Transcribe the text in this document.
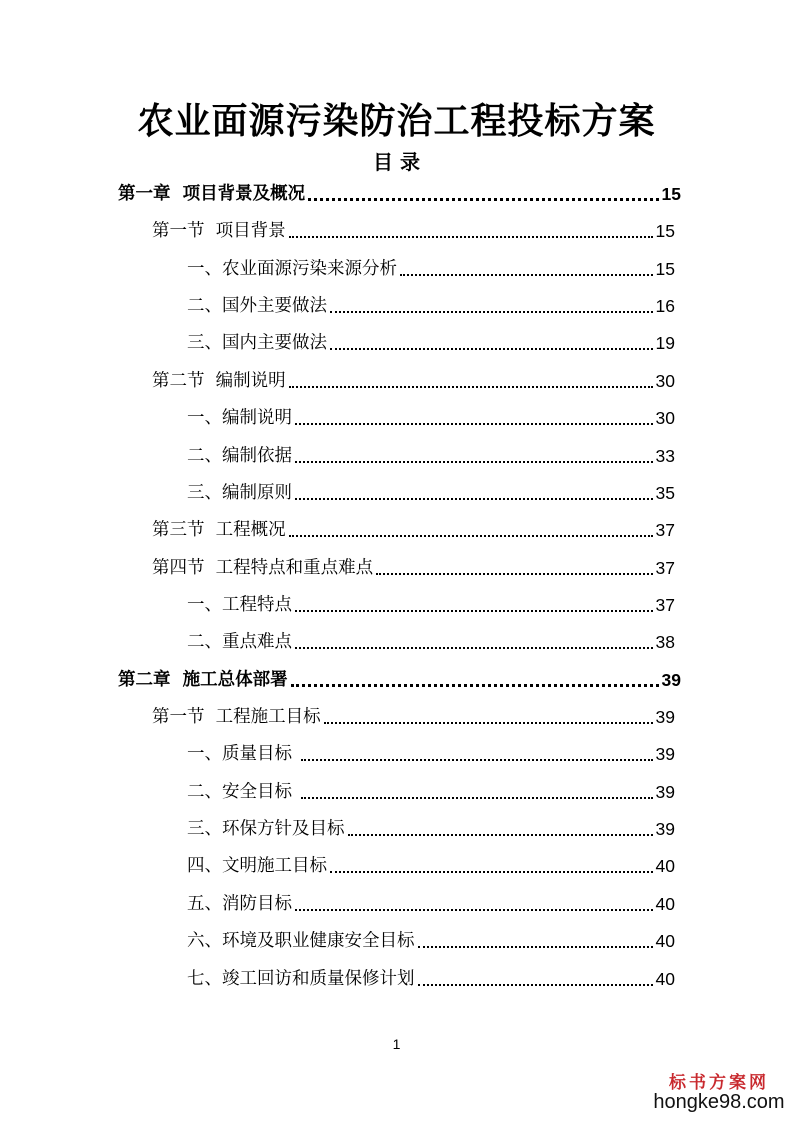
农业面源污染防治工程投标方案
目 录
第一章  项目背景及概况	15
第一节  项目背景	15
一、农业面源污染来源分析	15
二、国外主要做法	16
三、国内主要做法	19
第二节  编制说明	30
一、编制说明	30
二、编制依据	33
三、编制原则	35
第三节  工程概况	37
第四节  工程特点和重点难点	37
一、工程特点	37
二、重点难点	38
第二章  施工总体部署	39
第一节  工程施工目标	39
一、质量目标	39
二、安全目标	39
三、环保方针及目标	39
四、文明施工目标	40
五、消防目标	40
六、环境及职业健康安全目标	40
七、竣工回访和质量保修计划	40
1
标书方案网
hongke98.com
